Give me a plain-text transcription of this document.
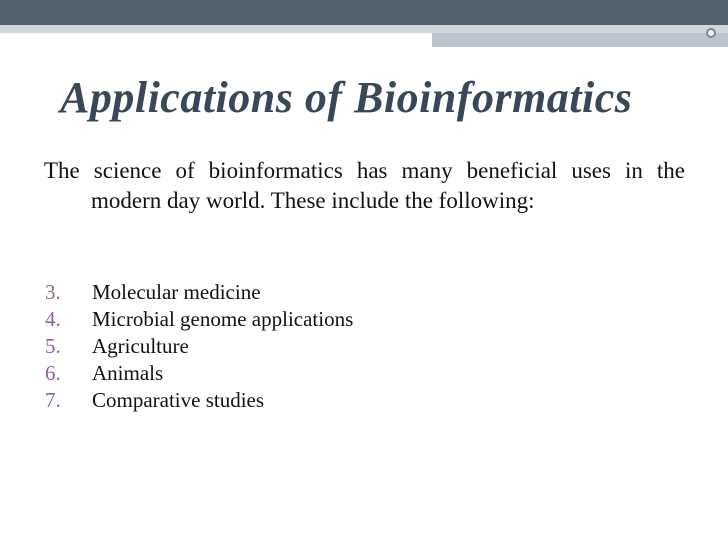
Applications of Bioinformatics
The science of bioinformatics has many beneficial uses in the modern day world. These include the following:
3. Molecular medicine
4. Microbial genome applications
5. Agriculture
6. Animals
7. Comparative studies
